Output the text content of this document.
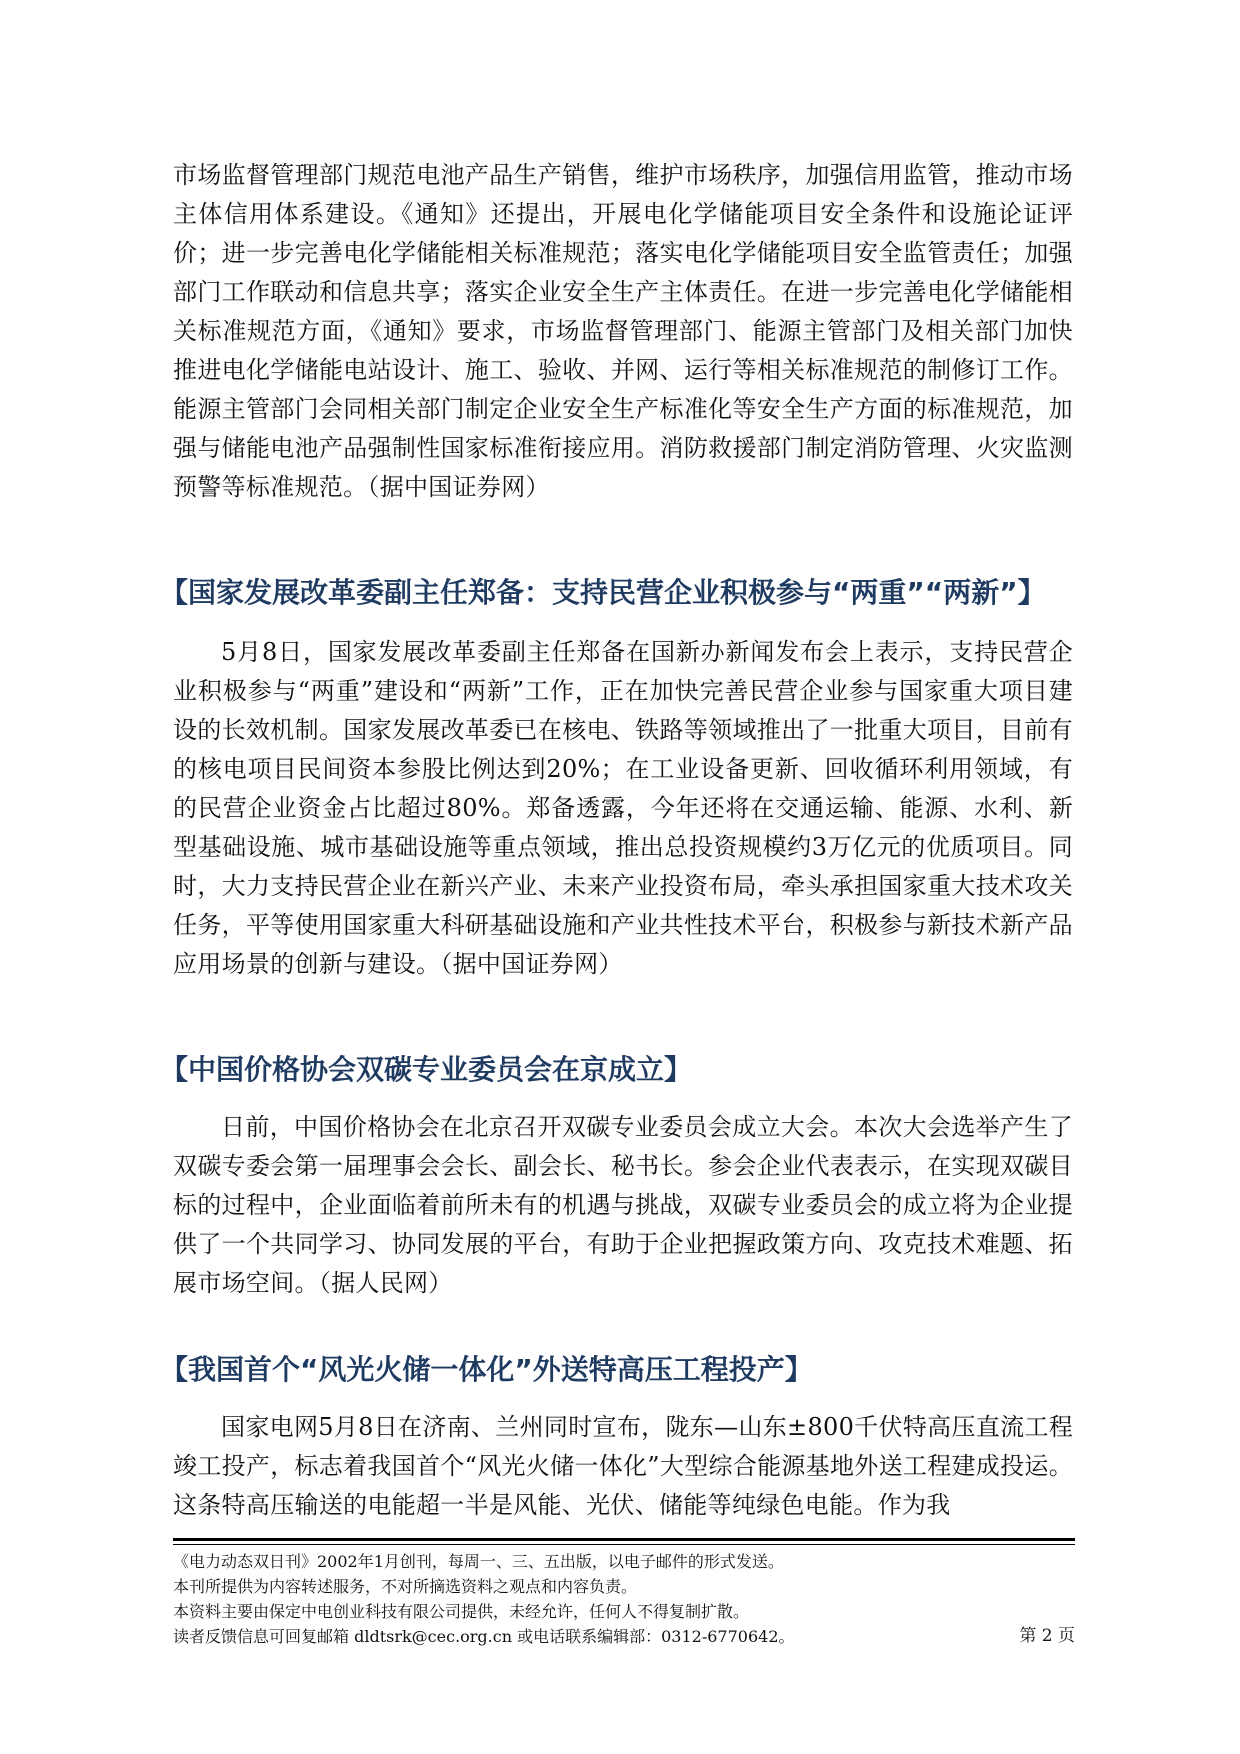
市场监督管理部门规范电池产品生产销售，维护市场秩序，加强信用监管，推动市场主体信用体系建设。《通知》还提出，开展电化学储能项目安全条件和设施论证评价；进一步完善电化学储能相关标准规范；落实电化学储能项目安全监管责任；加强部门工作联动和信息共享；落实企业安全生产主体责任。在进一步完善电化学储能相关标准规范方面，《通知》要求，市场监督管理部门、能源主管部门及相关部门加快推进电化学储能电站设计、施工、验收、并网、运行等相关标准规范的制修订工作。能源主管部门会同相关部门制定企业安全生产标准化等安全生产方面的标准规范，加强与储能电池产品强制性国家标准衔接应用。消防救援部门制定消防管理、火灾监测预警等标准规范。（据中国证券网）

【国家发展改革委副主任郑备：支持民营企业积极参与“两重”“两新”】

5月8日，国家发展改革委副主任郑备在国新办新闻发布会上表示，支持民营企业积极参与“两重”建设和“两新”工作，正在加快完善民营企业参与国家重大项目建设的长效机制。国家发展改革委已在核电、铁路等领域推出了一批重大项目，目前有的核电项目民间资本参股比例达到20%；在工业设备更新、回收循环利用领域，有的民营企业资金占比超过80%。郑备透露，今年还将在交通运输、能源、水利、新型基础设施、城市基础设施等重点领域，推出总投资规模约3万亿元的优质项目。同时，大力支持民营企业在新兴产业、未来产业投资布局，牵头承担国家重大技术攻关任务，平等使用国家重大科研基础设施和产业共性技术平台，积极参与新技术新产品应用场景的创新与建设。（据中国证券网）

【中国价格协会双碳专业委员会在京成立】

日前，中国价格协会在北京召开双碳专业委员会成立大会。本次大会选举产生了双碳专委会第一届理事会会长、副会长、秘书长。参会企业代表表示，在实现双碳目标的过程中，企业面临着前所未有的机遇与挑战，双碳专业委员会的成立将为企业提供了一个共同学习、协同发展的平台，有助于企业把握政策方向、攻克技术难题、拓展市场空间。（据人民网）

【我国首个“风光火储一体化”外送特高压工程投产】

国家电网5月8日在济南、兰州同时宣布，陇东—山东±800千伏特高压直流工程竣工投产，标志着我国首个“风光火储一体化”大型综合能源基地外送工程建成投运。这条特高压输送的电能超一半是风能、光伏、储能等纯绿色电能。作为我

《电力动态双日刊》2002年1月创刊，每周一、三、五出版，以电子邮件的形式发送。
本刊所提供为内容转述服务，不对所摘选资料之观点和内容负责。
本资料主要由保定中电创业科技有限公司提供，未经允许，任何人不得复制扩散。
读者反馈信息可回复邮箱 dldtsrk@cec.org.cn 或电话联系编辑部：0312-6770642。	第 2 页
